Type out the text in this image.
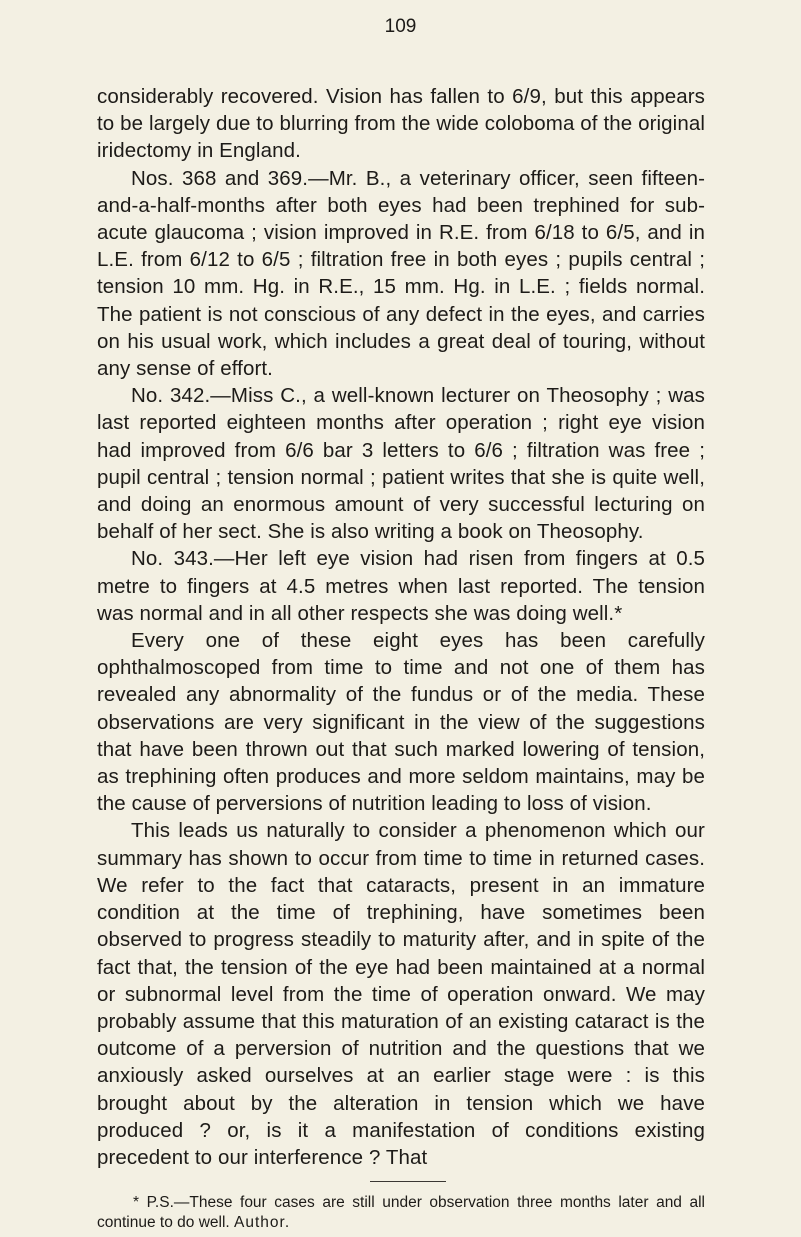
109

considerably recovered. Vision has fallen to 6/9, but this appears to be largely due to blurring from the wide coloboma of the original iridectomy in England.

Nos. 368 and 369.—Mr. B., a veterinary officer, seen fifteen-and-a-half-months after both eyes had been trephined for sub-acute glaucoma ; vision improved in R.E. from 6/18 to 6/5, and in L.E. from 6/12 to 6/5 ; filtration free in both eyes ; pupils central ; tension 10 mm. Hg. in R.E., 15 mm. Hg. in L.E. ; fields normal. The patient is not conscious of any defect in the eyes, and carries on his usual work, which includes a great deal of touring, without any sense of effort.

No. 342.—Miss C., a well-known lecturer on Theosophy ; was last reported eighteen months after operation ; right eye vision had improved from 6/6 bar 3 letters to 6/6 ; filtration was free ; pupil central ; tension normal ; patient writes that she is quite well, and doing an enormous amount of very successful lecturing on behalf of her sect. She is also writing a book on Theosophy.

No. 343.—Her left eye vision had risen from fingers at 0.5 metre to fingers at 4.5 metres when last reported. The tension was normal and in all other respects she was doing well.*

Every one of these eight eyes has been carefully ophthalmoscoped from time to time and not one of them has revealed any abnormality of the fundus or of the media. These observations are very significant in the view of the suggestions that have been thrown out that such marked lowering of tension, as trephining often produces and more seldom maintains, may be the cause of perversions of nutrition leading to loss of vision.

This leads us naturally to consider a phenomenon which our summary has shown to occur from time to time in returned cases. We refer to the fact that cataracts, present in an immature condition at the time of trephining, have sometimes been observed to progress steadily to maturity after, and in spite of the fact that, the tension of the eye had been maintained at a normal or subnormal level from the time of operation onward. We may probably assume that this maturation of an existing cataract is the outcome of a perversion of nutrition and the questions that we anxiously asked ourselves at an earlier stage were : is this brought about by the alteration in tension which we have produced ? or, is it a manifestation of conditions existing precedent to our interference ? That

* P.S.—These four cases are still under observation three months later and all continue to do well. Author.
